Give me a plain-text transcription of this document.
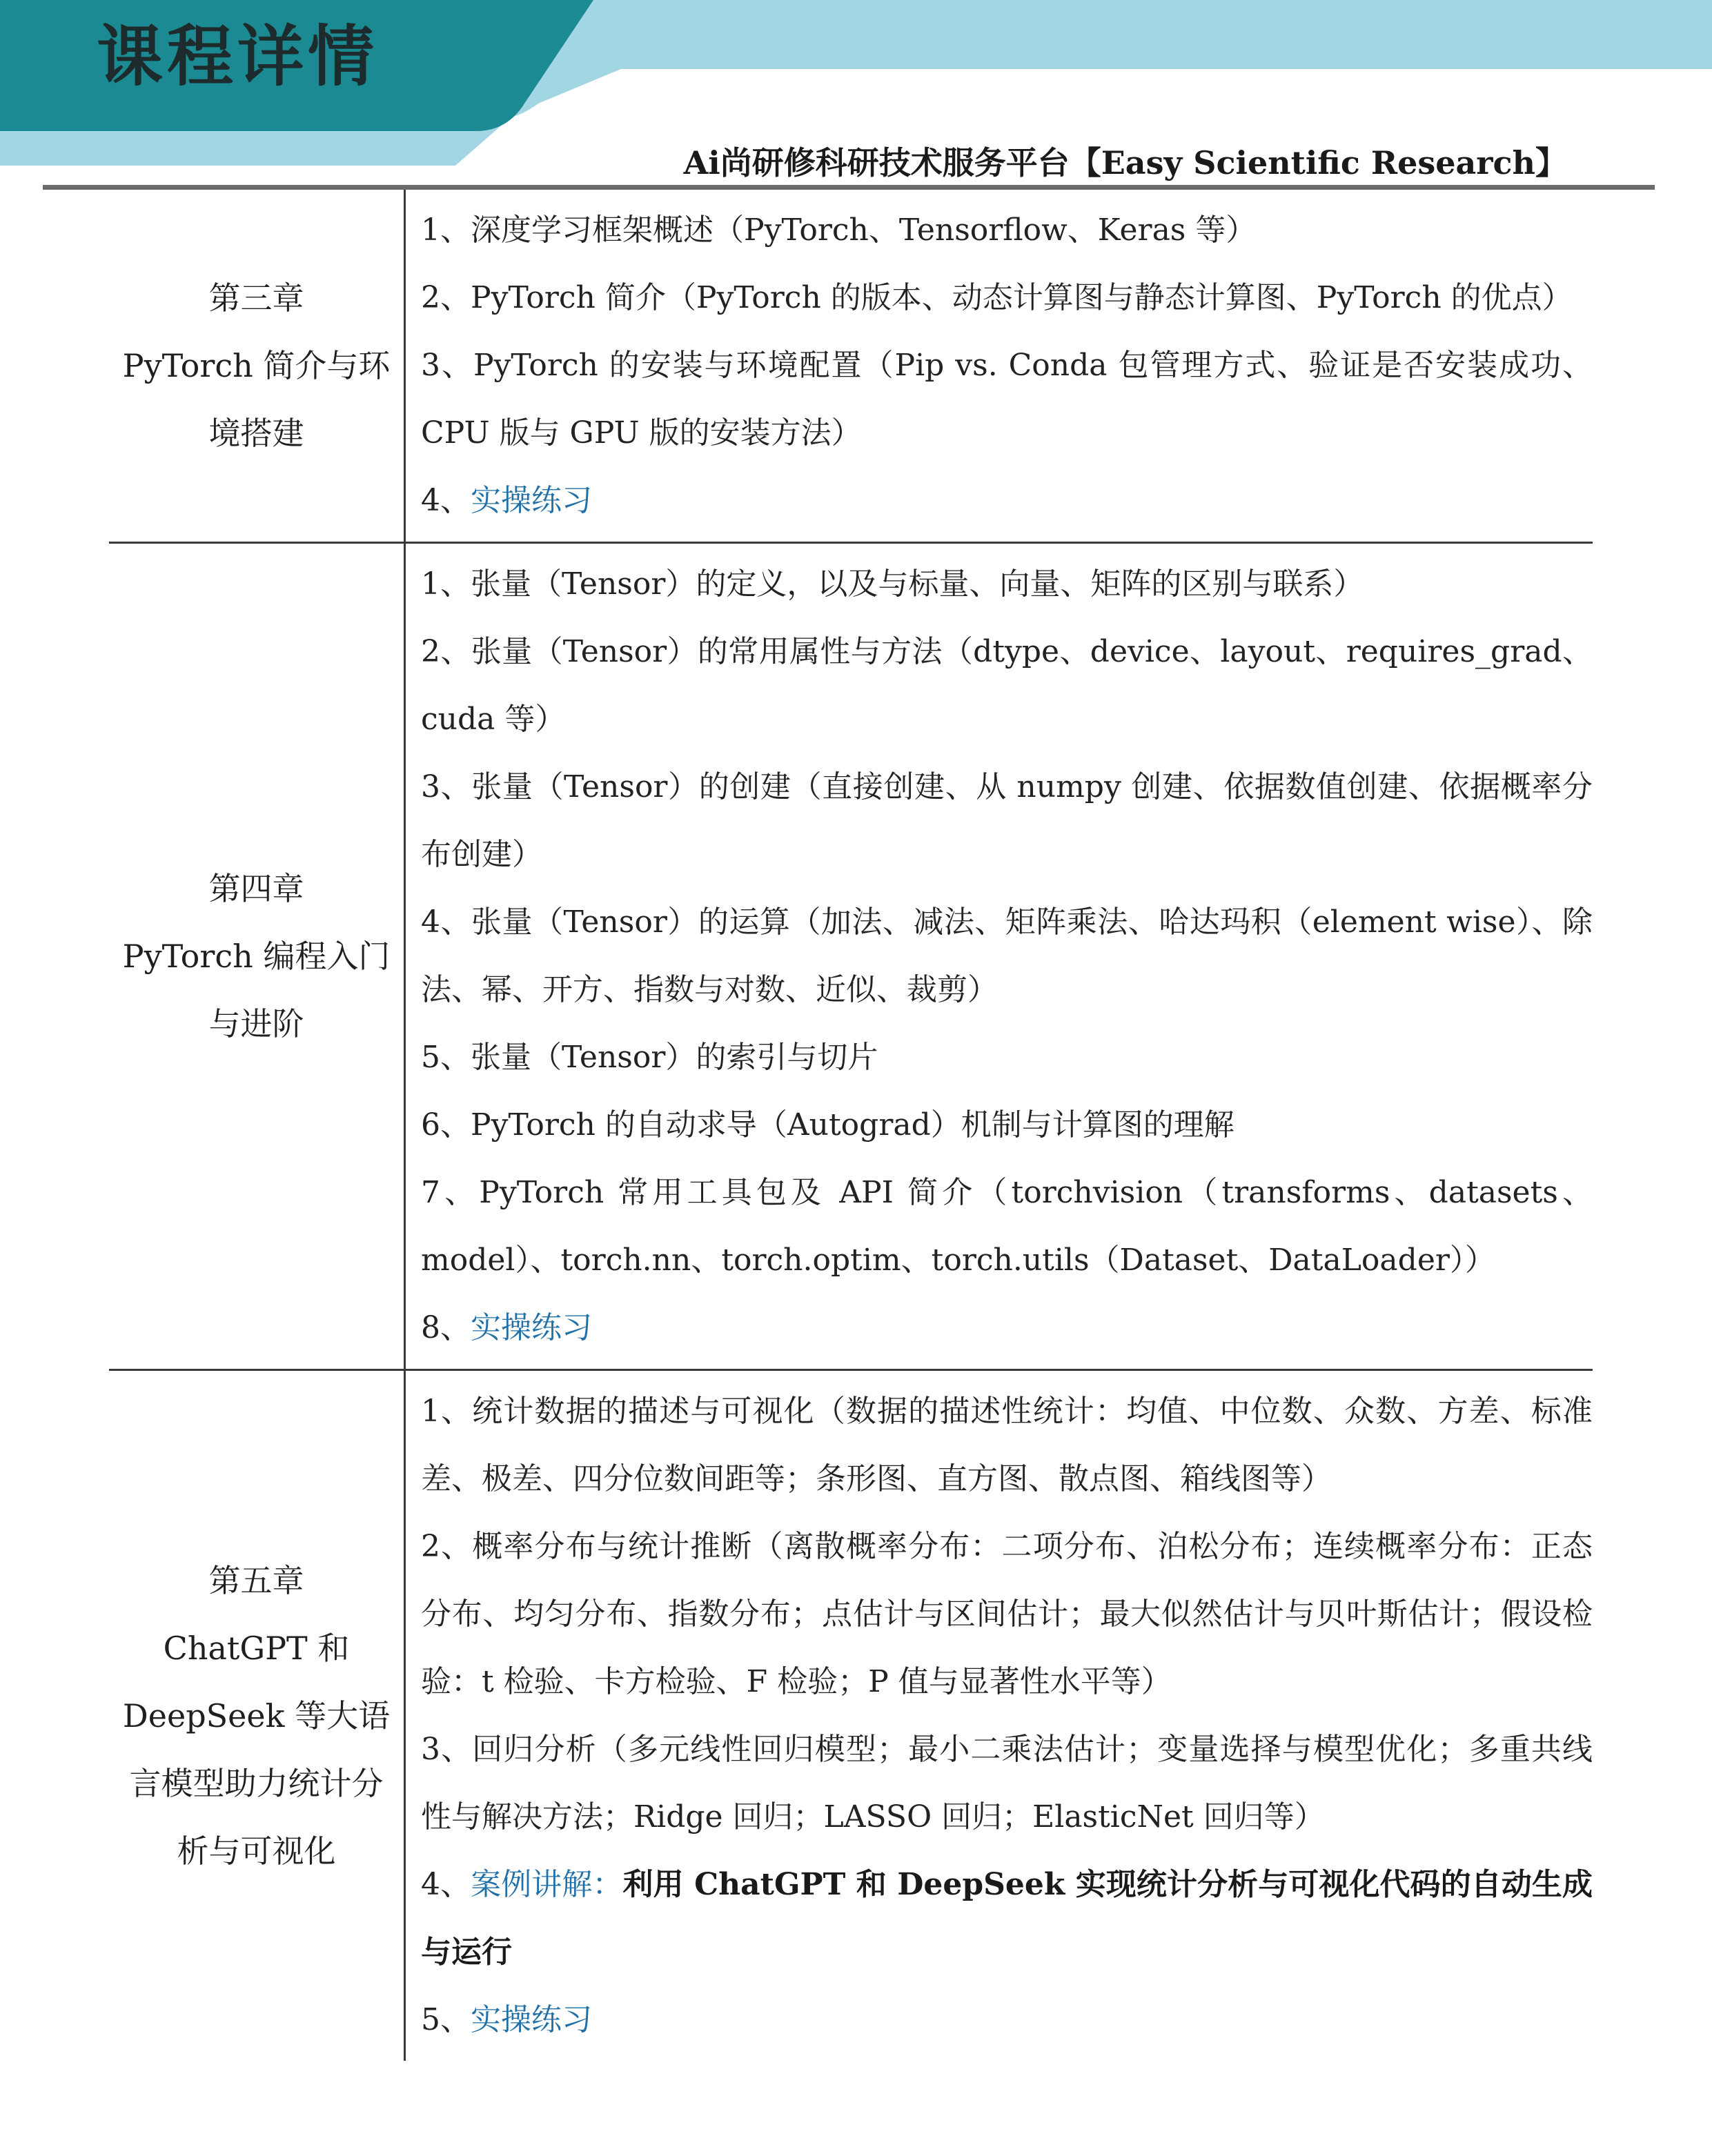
课程详情
Ai尚研修科研技术服务平台【Easy Scientific Research】
第三章
PyTorch 简介与环境搭建
1、深度学习框架概述（PyTorch、Tensorflow、Keras 等）
2、PyTorch 简介（PyTorch 的版本、动态计算图与静态计算图、PyTorch 的优点）
3、PyTorch 的安装与环境配置（Pip vs. Conda 包管理方式、验证是否安装成功、CPU 版与 GPU 版的安装方法）
4、实操练习
第四章
PyTorch 编程入门与进阶
1、张量（Tensor）的定义，以及与标量、向量、矩阵的区别与联系）
2、张量（Tensor）的常用属性与方法（dtype、device、layout、requires_grad、cuda 等）
3、张量（Tensor）的创建（直接创建、从 numpy 创建、依据数值创建、依据概率分布创建）
4、张量（Tensor）的运算（加法、减法、矩阵乘法、哈达玛积（element wise）、除法、幂、开方、指数与对数、近似、裁剪）
5、张量（Tensor）的索引与切片
6、PyTorch 的自动求导（Autograd）机制与计算图的理解
7、PyTorch 常用工具包及 API 简介（torchvision（transforms、datasets、model）、torch.nn、torch.optim、torch.utils（Dataset、DataLoader））
8、实操练习
第五章
ChatGPT 和 DeepSeek 等大语言模型助力统计分析与可视化
1、统计数据的描述与可视化（数据的描述性统计：均值、中位数、众数、方差、标准差、极差、四分位数间距等；条形图、直方图、散点图、箱线图等）
2、概率分布与统计推断（离散概率分布：二项分布、泊松分布；连续概率分布：正态分布、均匀分布、指数分布；点估计与区间估计；最大似然估计与贝叶斯估计；假设检验：t 检验、卡方检验、F 检验；P 值与显著性水平等）
3、回归分析（多元线性回归模型；最小二乘法估计；变量选择与模型优化；多重共线性与解决方法；Ridge 回归；LASSO 回归；ElasticNet 回归等）
4、案例讲解：利用 ChatGPT 和 DeepSeek 实现统计分析与可视化代码的自动生成与运行
5、实操练习
